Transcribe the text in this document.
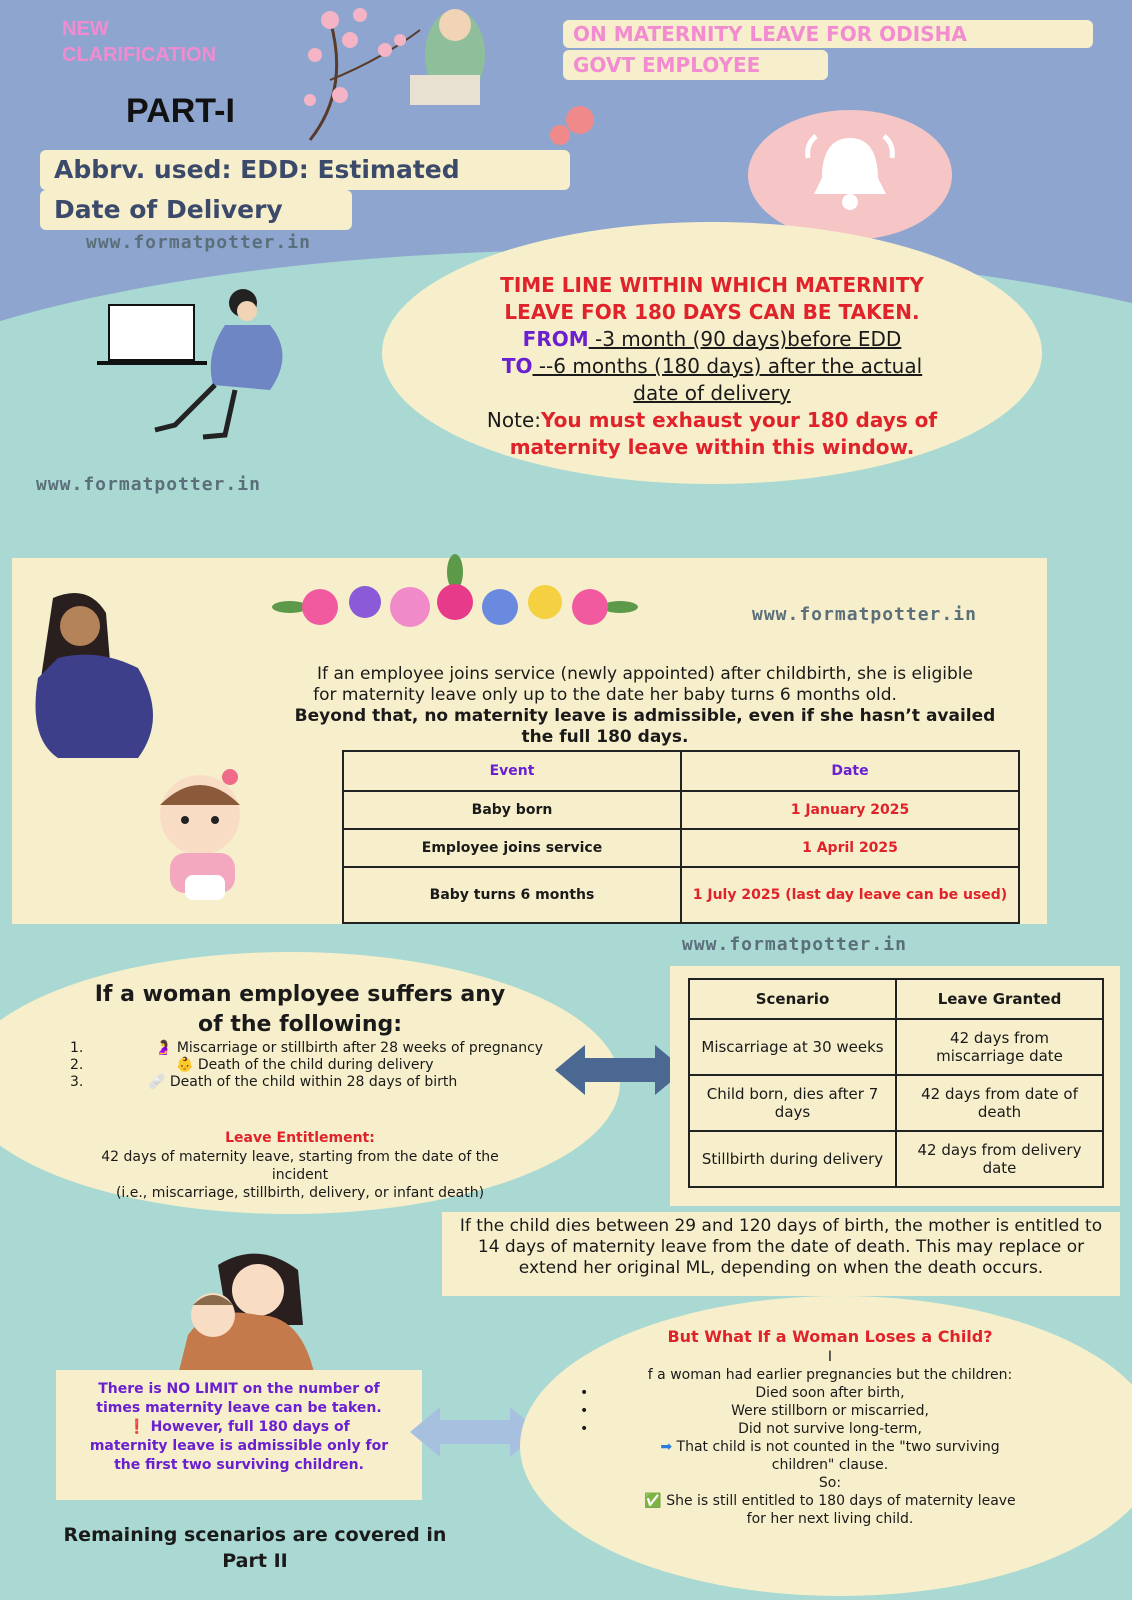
NEW
CLARIFICATION
ON MATERNITY LEAVE FOR ODISHA
GOVT EMPLOYEE
PART-I
Abbrv. used: EDD: Estimated
Date of Delivery
www.formatpotter.in
TIME LINE WITHIN WHICH MATERNITY
LEAVE FOR 180 DAYS CAN BE TAKEN.
FROM -3 month (90 days)before EDD
TO --6 months (180 days) after the actual
date of delivery
Note:You must exhaust your 180 days of
maternity leave within this window.
www.formatpotter.in
www.formatpotter.in
If an employee joins service (newly appointed) after childbirth, she is eligible
for maternity leave only up to the date her baby turns 6 months old.
Beyond that, no maternity leave is admissible, even if she hasn’t availed
the full 180 days.
Event	Date
Baby born	1 January 2025
Employee joins service	1 April 2025
Baby turns 6 months	1 July 2025 (last day leave can be used)
www.formatpotter.in
If a woman employee suffers any
of the following:
1.	🤰 Miscarriage or stillbirth after 28 weeks of pregnancy
2.	👶 Death of the child during delivery
3.	🩹 Death of the child within 28 days of birth
Leave Entitlement:
42 days of maternity leave, starting from the date of the
incident
(i.e., miscarriage, stillbirth, delivery, or infant death)
Scenario	Leave Granted
Miscarriage at 30 weeks	42 days from miscarriage date
Child born, dies after 7 days	42 days from date of death
Stillbirth during delivery	42 days from delivery date
If the child dies between 29 and 120 days of birth, the mother is entitled to 14 days of maternity leave from the date of death. This may replace or extend her original ML, depending on when the death occurs.
There is NO LIMIT on the number of
times maternity leave can be taken.
❗ However, full 180 days of
maternity leave is admissible only for
the first two surviving children.
But What If a Woman Loses a Child?
I
f a woman had earlier pregnancies but the children:
•	Died soon after birth,
•	Were stillborn or miscarried,
•	Did not survive long-term,
➡ That child is not counted in the "two surviving
children" clause.
So:
✅ She is still entitled to 180 days of maternity leave
for her next living child.
Remaining scenarios are covered in
Part II
